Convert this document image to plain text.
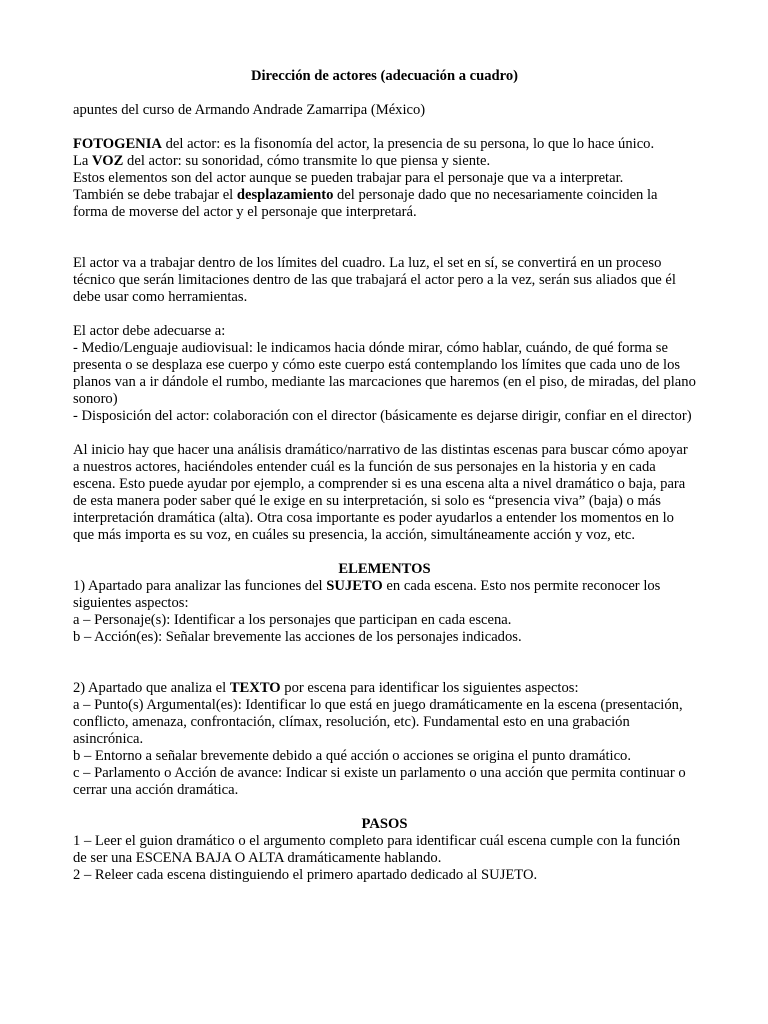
Dirección de actores (adecuación a cuadro)

apuntes del curso de Armando Andrade Zamarripa (México)

FOTOGENIA del actor: es la fisonomía del actor, la presencia de su persona, lo que lo hace único.

La VOZ del actor: su sonoridad, cómo transmite lo que piensa y siente.

Estos elementos son del actor aunque se pueden trabajar para el personaje que va a interpretar.

También se debe trabajar el desplazamiento del personaje dado que no necesariamente coinciden la forma de moverse del actor y el personaje que interpretará.

El actor va a trabajar dentro de los límites del cuadro. La luz, el set en sí, se convertirá en un proceso técnico que serán limitaciones dentro de las que trabajará el actor pero a la vez, serán sus aliados que él debe usar como herramientas.

El actor debe adecuarse a:

- Medio/Lenguaje audiovisual: le indicamos hacia dónde mirar, cómo hablar, cuándo, de qué forma se presenta o se desplaza ese cuerpo y cómo este cuerpo está contemplando los límites que cada uno de los planos van a ir dándole el rumbo, mediante las marcaciones que haremos (en el piso, de miradas, del plano sonoro)

- Disposición del actor: colaboración con el director (básicamente es dejarse dirigir, confiar en el director)

Al inicio hay que hacer una análisis dramático/narrativo de las distintas escenas para buscar cómo apoyar a nuestros actores, haciéndoles entender cuál es la función de sus personajes en la historia y en cada escena. Esto puede ayudar por ejemplo, a comprender si es una escena alta a nivel dramático o baja, para de esta manera poder saber qué le exige en su interpretación, si solo es “presencia viva” (baja) o más interpretación dramática (alta). Otra cosa importante es poder ayudarlos a entender los momentos en lo que más importa es su voz, en cuáles su presencia, la acción, simultáneamente acción y voz, etc.

ELEMENTOS

1) Apartado para analizar las funciones del SUJETO en cada escena. Esto nos permite reconocer los siguientes aspectos:

a – Personaje(s): Identificar a los personajes que participan en cada escena.

b – Acción(es): Señalar brevemente las acciones de los personajes indicados.

2) Apartado que analiza el TEXTO por escena para identificar los siguientes aspectos:

a – Punto(s) Argumental(es): Identificar lo que está en juego dramáticamente en la escena (presentación, conflicto, amenaza, confrontación, clímax, resolución, etc). Fundamental esto en una grabación asincrónica.

b – Entorno a señalar brevemente debido a qué acción o acciones se origina el punto dramático.

c – Parlamento o Acción de avance: Indicar si existe un parlamento o una acción que permita continuar o cerrar una acción dramática.

PASOS

1 – Leer el guion dramático o el argumento completo para identificar cuál escena cumple con la función de ser una ESCENA BAJA O ALTA dramáticamente hablando.

2 – Releer cada escena distinguiendo el primero apartado dedicado al SUJETO.
